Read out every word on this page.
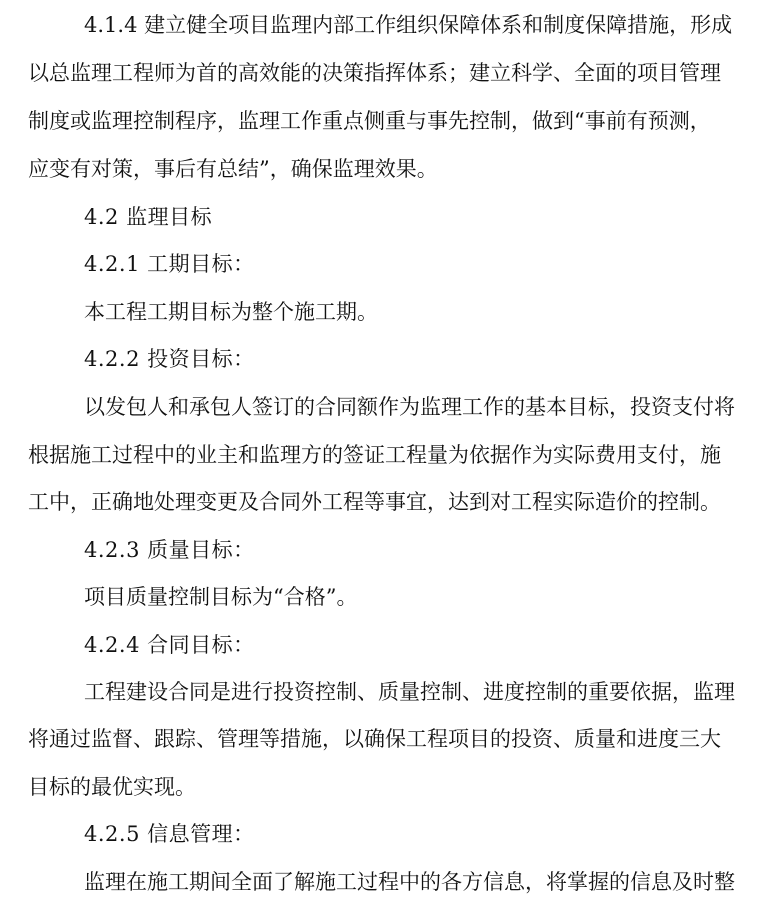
4.1.4 建立健全项目监理内部工作组织保障体系和制度保障措施，形成
以总监理工程师为首的高效能的决策指挥体系；建立科学、全面的项目管理
制度或监理控制程序，监理工作重点侧重与事先控制，做到“事前有预测，
应变有对策，事后有总结”，确保监理效果。
4.2 监理目标
4.2.1 工期目标：
本工程工期目标为整个施工期。
4.2.2 投资目标：
以发包人和承包人签订的合同额作为监理工作的基本目标，投资支付将
根据施工过程中的业主和监理方的签证工程量为依据作为实际费用支付，施
工中，正确地处理变更及合同外工程等事宜，达到对工程实际造价的控制。
4.2.3 质量目标：
项目质量控制目标为“合格”。
4.2.4 合同目标：
工程建设合同是进行投资控制、质量控制、进度控制的重要依据，监理
将通过监督、跟踪、管理等措施，以确保工程项目的投资、质量和进度三大
目标的最优实现。
4.2.5 信息管理：
监理在施工期间全面了解施工过程中的各方信息，将掌握的信息及时整
